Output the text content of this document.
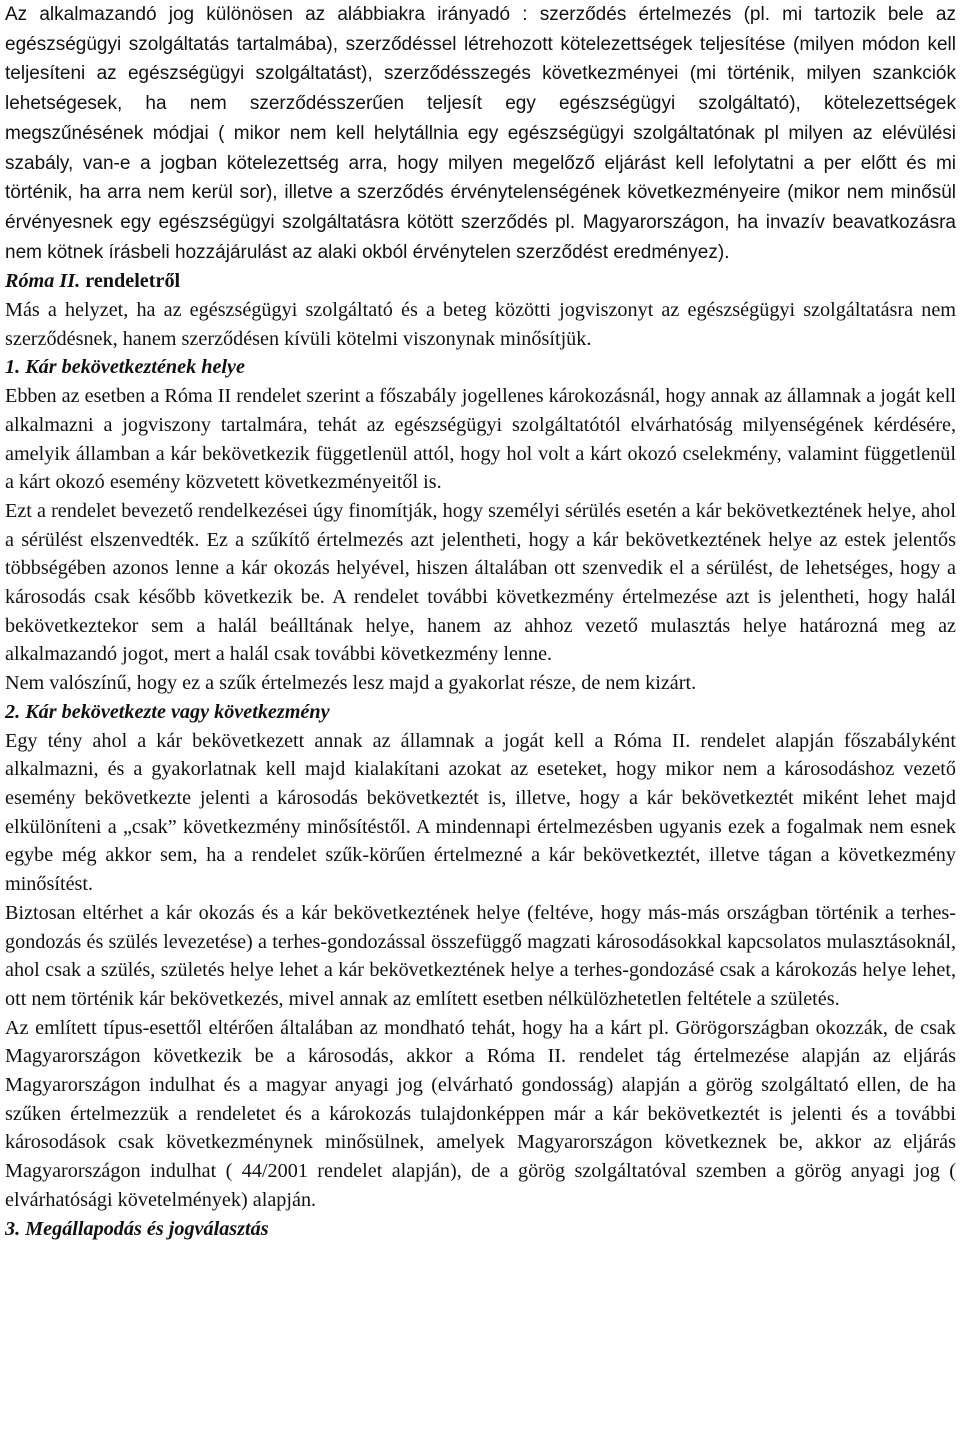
Az alkalmazandó jog különösen az alábbiakra irányadó : szerződés értelmezés (pl. mi tartozik bele az egészségügyi szolgáltatás tartalmába), szerződéssel létrehozott kötelezettségek teljesítése (milyen módon kell teljesíteni az egészségügyi szolgáltatást), szerződésszegés következményei (mi történik, milyen szankciók lehetségesek, ha nem szerződésszerűen teljesít egy egészségügyi szolgáltató), kötelezettségek megszűnésének módjai ( mikor nem kell helytállnia egy egészségügyi szolgáltatónak pl milyen az elévülési szabály, van-e a jogban kötelezettség arra, hogy milyen megelőző eljárást kell lefolytatni a per előtt és mi történik, ha arra nem kerül sor), illetve a szerződés érvénytelenségének következményeire (mikor nem minősül érvényesnek egy egészségügyi szolgáltatásra kötött szerződés pl. Magyarországon, ha invazív beavatkozásra nem kötnek írásbeli hozzájárulást az alaki okból érvénytelen szerződést eredményez).

Róma II. rendeletről

Más a helyzet, ha az egészségügyi szolgáltató és a beteg közötti jogviszonyt az egészségügyi szolgáltatásra nem szerződésnek, hanem szerződésen kívüli kötelmi viszonynak minősítjük.

1. Kár bekövetkeztének helye

Ebben az esetben a Róma II rendelet szerint a főszabály jogellenes károkozásnál, hogy annak az államnak a jogát kell alkalmazni a jogviszony tartalmára, tehát az egészségügyi szolgáltatótól elvárhatóság milyenségének kérdésére, amelyik államban a kár bekövetkezik függetlenül attól, hogy hol volt a kárt okozó cselekmény, valamint függetlenül a kárt okozó esemény közvetett következményeitől is.

Ezt a rendelet bevezető rendelkezései úgy finomítják, hogy személyi sérülés esetén a kár bekövetkeztének helye, ahol a sérülést elszenvedték. Ez a szűkítő értelmezés azt jelentheti, hogy a kár bekövetkeztének helye az estek jelentős többségében azonos lenne a kár okozás helyével, hiszen általában ott szenvedik el a sérülést, de lehetséges, hogy a károsodás csak később következik be. A rendelet további következmény értelmezése azt is jelentheti, hogy halál bekövetkeztekor sem a halál beálltának helye, hanem az ahhoz vezető mulasztás helye határozná meg az alkalmazandó jogot, mert a halál csak további következmény lenne.

Nem valószínű, hogy ez a szűk értelmezés lesz majd a gyakorlat része, de nem kizárt.

2. Kár bekövetkezte vagy következmény

Egy tény ahol a kár bekövetkezett annak az államnak a jogát kell a Róma II. rendelet alapján főszabályként alkalmazni, és a gyakorlatnak kell majd kialakítani azokat az eseteket, hogy mikor nem a károsodáshoz vezető esemény bekövetkezte jelenti a károsodás bekövetkeztét is, illetve, hogy a kár bekövetkeztét miként lehet majd elkülöníteni a „csak” következmény minősítéstől. A mindennapi értelmezésben ugyanis ezek a fogalmak nem esnek egybe még akkor sem, ha a rendelet szűk-körűen értelmezné a kár bekövetkeztét, illetve tágan a következmény minősítést.

Biztosan eltérhet a kár okozás és a kár bekövetkeztének helye (feltéve, hogy más-más országban történik a terhes-gondozás és szülés levezetése) a terhes-gondozással összefüggő magzati károsodásokkal kapcsolatos mulasztásoknál, ahol csak a szülés, születés helye lehet a kár bekövetkeztének helye a terhes-gondozásé csak a károkozás helye lehet, ott nem történik kár bekövetkezés, mivel annak az említett esetben nélkülözhetetlen feltétele a születés.

Az említett típus-esettől eltérően általában az mondható tehát, hogy ha a kárt pl. Görögországban okozzák, de csak Magyarországon következik be a károsodás, akkor a Róma II. rendelet tág értelmezése alapján az eljárás Magyarországon indulhat és a magyar anyagi jog (elvárható gondosság) alapján a görög szolgáltató ellen, de ha szűken értelmezzük a rendeletet és a károkozás tulajdonképpen már a kár bekövetkeztét is jelenti és a további károsodások csak következménynek minősülnek, amelyek Magyarországon következnek be, akkor az eljárás Magyarországon indulhat ( 44/2001 rendelet alapján), de a görög szolgáltatóval szemben a görög anyagi jog ( elvárhatósági követelmények) alapján.

3. Megállapodás és jogválasztás
